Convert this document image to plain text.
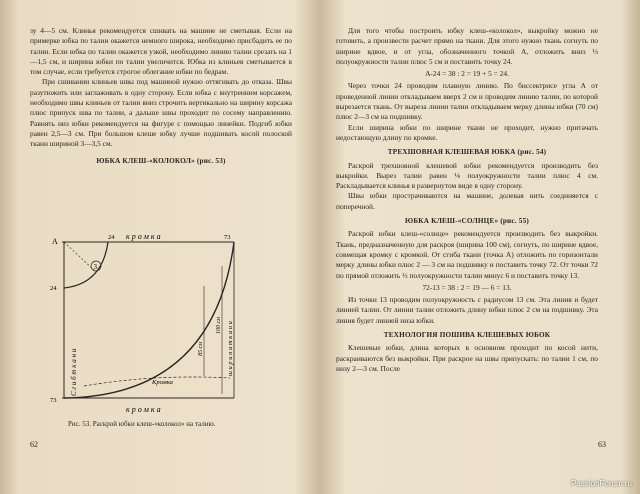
зу 4—5 см. Клинья рекомендуется сшивать на машине не сметывая. Если на примерке юбка по талии окажется немного широка, необходимо присбадить ее по талии. Если юбка по талии окажется узкой, необходимо линию талии срезать на 1—1,5 см, и ширина юбки по талии увеличится. Юбка из клиньев сметывается в том случае, если требуется строгое облегание юбки по бедрам.

При сшивании клиньев швы под машиной нужно оттягивать до отказа. Швы разутюжить или заглаживать в одну сторону. Если юбка с внутренним корсажем, необходимо швы клиньев от талии вниз строчить вертикально на ширину корсажа плюс припуск шва по талии, а дальше швы проходит по сосему направлению. Равнять низ юбки рекомендуется на фигуре с помощью линейки. Подгиб юбки равен 2,5—3 см. При большом клеше юбку лучше подшивать косой полоской ткани шириной 3—3,5 см.

ЮБКА КЛЕШ-«КОЛОКОЛ» (рис. 53)
3
А	24
24
73
73
к р о м к а
к р о м к а
Кромка
С г и б т к а н и	ш и р и н а т к а н и
85 см
100 см
Рис. 53. Раскрой юбки клеш-«колокол» на талию.
62

Для того чтобы построить юбку клеш-«колокол», выкройку можно не готовить, а произвести расчет прямо на ткани. Для этого нужно ткань согнуть по ширине вдвое, и от угла, обозначенного точкой А, отложить вниз ⅓ полуокружности талии плюс 5 см и поставить точку 24.

А-24 = 38 : 2 = 19 + 5 = 24.

Через точки 24 проводим плавную линию. По биссектрисе угла А от проведенной линии откладываем вверх 2 см и проводим линию талии, по которой вырезается ткань. От выреза линии талии откладываем мерку длины юбки (70 см) плюс 2—3 см на подшивку.

Если ширина юбки по ширине ткани не проходит, нужно притачать недостающую длину по кромке.

ТРЕХШОВНАЯ КЛЕШЕВАЯ ЮБКА (рис. 54)

Раскрой трехшовной клешевой юбки рекомендуется производить без выкройки. Вырез талии равен ⅛ полуокружности талии плюс 4 см. Раскладывается клинья в развернутом виде в одну сторону.

Швы юбки прострачиваются на машине, долевая нить соединяется с поперечной.

ЮБКА КЛЕШ-«СОЛНЦЕ» (рис. 55)

Раскрой юбки клеш-«солнце» рекомендуется производить без выкройки. Ткань, предназначенную для раскроя (ширина 100 см), согнуть, по ширине вдвое, совмещая кромку с кромкой. От сгиба ткани (точка А) отложить по горизонтали мерку длины юбки плюс 2 — 3 см на подшивку и поставить точку 72. От точки 72 по прямой отложить ⅓ полуокружности талии минус 6 и поставить точку 13.

72-13 = 38 : 2 = 19 — 6 = 13.

Из точки 13 проводим полуокружность с радиусом 13 см. Эта линия и будет линией талии. От линии талии отложить длину юбки плюс 2 см на подшивку. Эта линия будет линией низа юбки.

ТЕХНОЛОГИЯ ПОШИВА КЛЕШЕВЫХ ЮБОК

Клешевые юбки, длина которых в основном проходит по косой нити, раскраиваются без выкройки. При раскрое на швы припускать: по талии 1 см, по низу 2—3 см. После

63
PassionForum.ru
